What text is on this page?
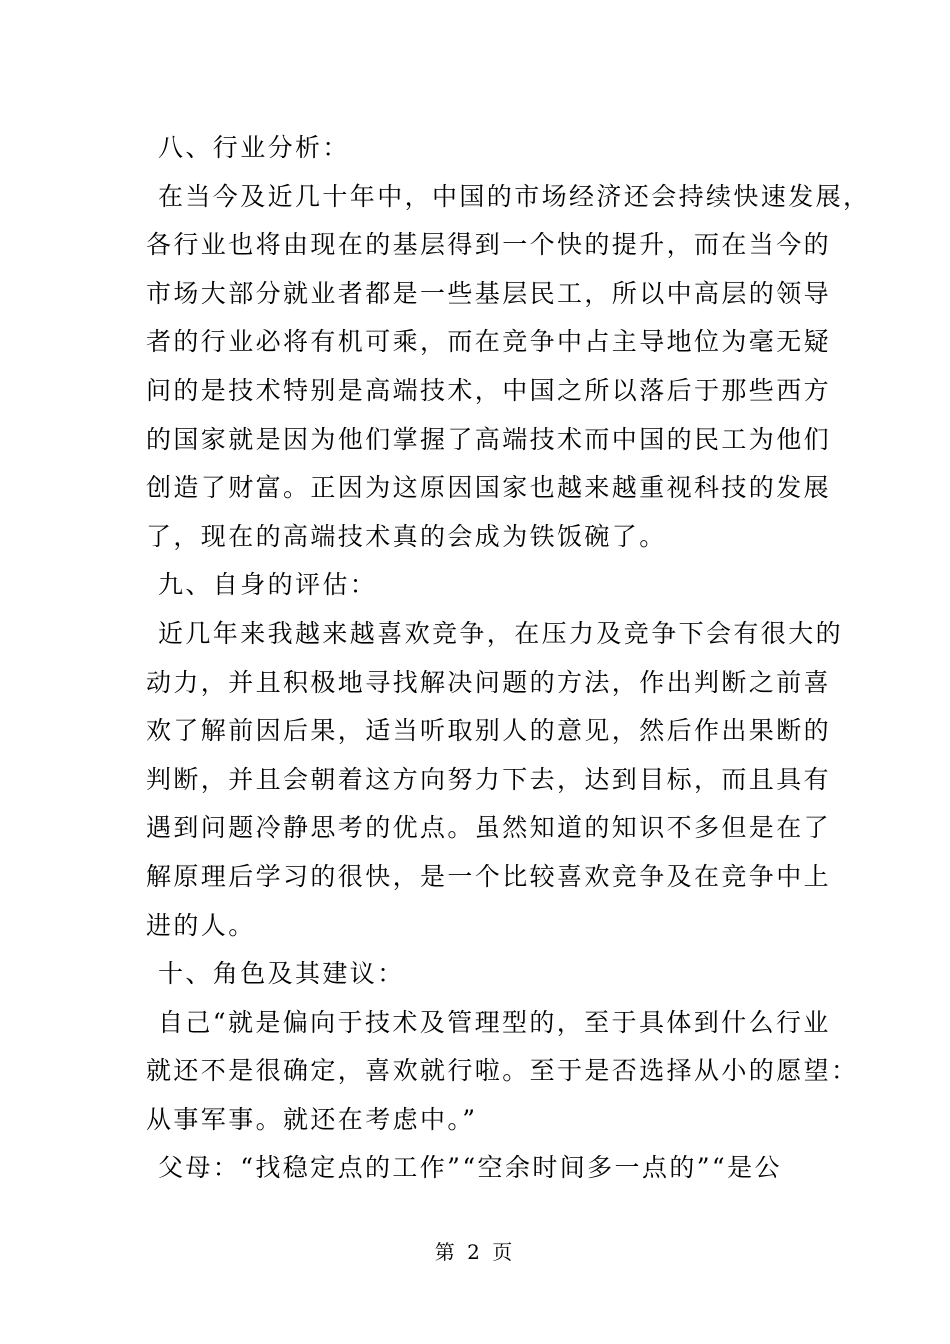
八、行业分析：
在当今及近几十年中，中国的市场经济还会持续快速发展，
各行业也将由现在的基层得到一个快的提升，而在当今的
市场大部分就业者都是一些基层民工，所以中高层的领导
者的行业必将有机可乘，而在竞争中占主导地位为毫无疑
问的是技术特别是高端技术，中国之所以落后于那些西方
的国家就是因为他们掌握了高端技术而中国的民工为他们
创造了财富。正因为这原因国家也越来越重视科技的发展
了，现在的高端技术真的会成为铁饭碗了。
九、自身的评估：
近几年来我越来越喜欢竞争，在压力及竞争下会有很大的
动力，并且积极地寻找解决问题的方法，作出判断之前喜
欢了解前因后果，适当听取别人的意见，然后作出果断的
判断，并且会朝着这方向努力下去，达到目标，而且具有
遇到问题冷静思考的优点。虽然知道的知识不多但是在了
解原理后学习的很快，是一个比较喜欢竞争及在竞争中上
进的人。
十、角色及其建议：
自己“就是偏向于技术及管理型的，至于具体到什么行业
就还不是很确定，喜欢就行啦。至于是否选择从小的愿望：
从事军事。就还在考虑中。”
父母：“找稳定点的工作”“空余时间多一点的”“是公
第 2 页
